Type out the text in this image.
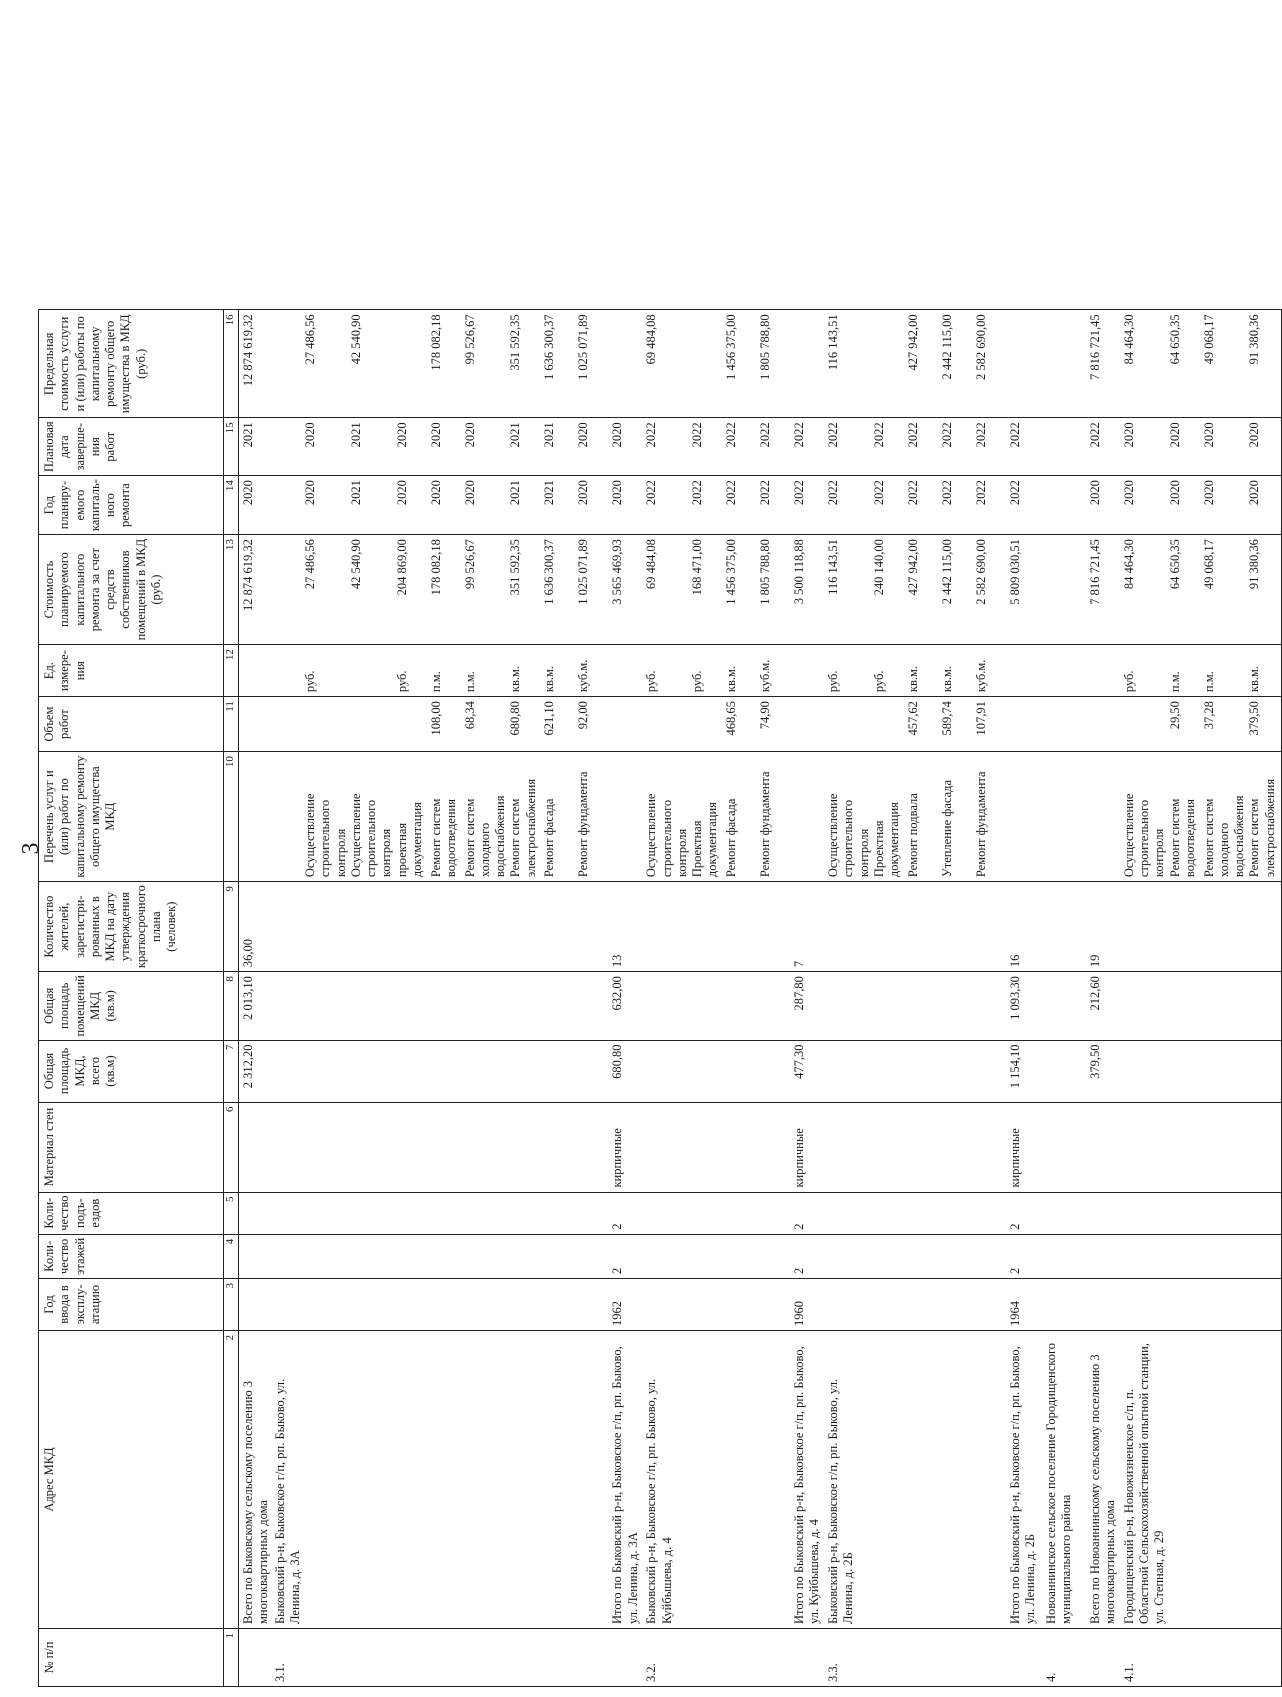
3
№ п/п	Адрес МКД	Год ввода в эксплу-атацию	Коли-чество этажей	Коли-чество подъ-ездов	Материал стен	Общая площадь МКД, всего (кв.м)	Общая площадь помещений МКД (кв.м)	Количество жителей, зарегистри-рованных в МКД на дату утверждения краткосрочного плана (человек)	Перечень услуг и (или) работ по капитальному ремонту общего имущества МКД	Объем работ	Ед. измере-ния	Стоимость планируемого капитального ремонта за счет средств собственников помещений в МКД (руб.)	Год планиру-емого капиталь-ного ремонта	Плановая дата заверше-ния работ	Предельная стоимость услуги и (или) работы по капитальному ремонту общего имущества в МКД (руб.)
1	2	3	4	5	6	7	8	9	10	11	12	13	14	15	16
	Всего по Быковскому сельскому поселению 3 многоквартирных дома					2 312,20	2 013,10	36,00				12 874 619,32	2020	2021	12 874 619,32
3.1.	Быковский р-н, Быковское г/п, рп. Быково, ул. Ленина, д. 3А														
									Осуществление строительного контроля		руб.	27 486,56	2020	2020	27 486,56
									Осуществление строительного контроля			42 540,90	2021	2021	42 540,90
									проектная документация		руб.	204 869,00	2020	2020	
									Ремонт систем водоотведения	108,00	п.м.	178 082,18	2020	2020	178 082,18
									Ремонт систем холодного водоснабжения	68,34	п.м.	99 526,67	2020	2020	99 526,67
									Ремонт систем электроснабжения	680,80	кв.м.	351 592,35	2021	2021	351 592,35
									Ремонт фасада	621,10	кв.м.	1 636 300,37	2021	2021	1 636 300,37
									Ремонт фундамента	92,00	куб.м.	1 025 071,89	2020	2020	1 025 071,89
	Итого по Быковский р-н, Быковское г/п, рп. Быково, ул. Ленина, д. 3А	1962	2	2	кирпичные	680,80	632,00	13				3 565 469,93	2020	2020	
3.2.	Быковский р-н, Быковское г/п, рп. Быково, ул. Куйбышева, д. 4								Осуществление строительного контроля		руб.	69 484,08	2022	2022	69 484,08
									Проектная документация		руб.	168 471,00	2022	2022	
									Ремонт фасада	468,65	кв.м.	1 456 375,00	2022	2022	1 456 375,00
									Ремонт фундамента	74,90	куб.м.	1 805 788,80	2022	2022	1 805 788,80
	Итого по Быковский р-н, Быковское г/п, рп. Быково, ул. Куйбышева, д. 4	1960	2	2	кирпичные	477,30	287,80	7				3 500 118,88	2022	2022	
3.3.	Быковский р-н, Быковское г/п, рп. Быково, ул. Ленина, д. 2Б								Осуществление строительного контроля		руб.	116 143,51	2022	2022	116 143,51
									Проектная документация		руб.	240 140,00	2022	2022	
									Ремонт подвала	457,62	кв.м.	427 942,00	2022	2022	427 942,00
									Утепление фасада	589,74	кв.м.	2 442 115,00	2022	2022	2 442 115,00
									Ремонт фундамента	107,91	куб.м.	2 582 690,00	2022	2022	2 582 690,00
	Итого по Быковский р-н, Быковское г/п, рп. Быково, ул. Ленина, д. 2Б	1964	2	2	кирпичные	1 154,10	1 093,30	16				5 809 030,51	2022	2022	
4.	Новоаннинское сельское поселение Городищенского муниципального района														
	Всего по Новоаннинскому сельскому поселению 3 многоквартирных дома					379,50	212,60	19				7 816 721,45	2020	2022	7 816 721,45
4.1.	Городищенский р-н, Новожизненское с/п, п. Областной Сельскохозяйственной опытной станции, ул. Степная, д. 29								Осуществление строительного контроля		руб.	84 464,30	2020	2020	84 464,30
									Ремонт систем водоотведения	29,50	п.м.	64 650,35	2020	2020	64 650,35
									Ремонт систем холодного водоснабжения	37,28	п.м.	49 068,17	2020	2020	49 068,17
									Ремонт систем электроснабжения	379,50	кв.м.	91 380,36	2020	2020	91 380,36
